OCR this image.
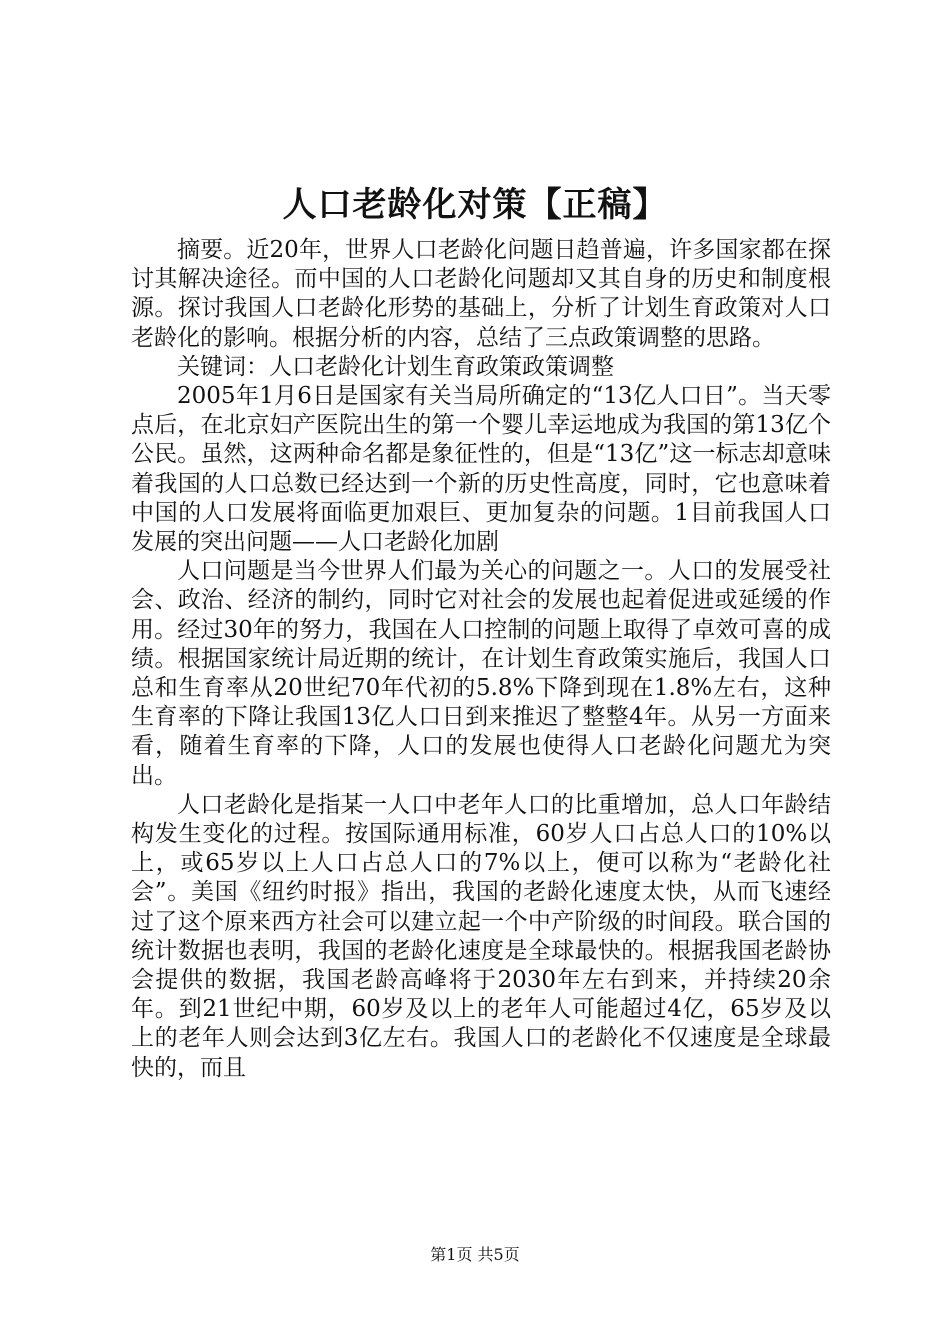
人口老龄化对策【正稿】

摘要。近20年，世界人口老龄化问题日趋普遍，许多国家都在探讨其解决途径。而中国的人口老龄化问题却又其自身的历史和制度根源。探讨我国人口老龄化形势的基础上，分析了计划生育政策对人口老龄化的影响。根据分析的内容，总结了三点政策调整的思路。

关键词：人口老龄化计划生育政策政策调整

2005年1月6日是国家有关当局所确定的“13亿人口日”。当天零点后，在北京妇产医院出生的第一个婴儿幸运地成为我国的第13亿个公民。虽然，这两种命名都是象征性的，但是“13亿”这一标志却意味着我国的人口总数已经达到一个新的历史性高度，同时，它也意味着中国的人口发展将面临更加艰巨、更加复杂的问题。1目前我国人口发展的突出问题——人口老龄化加剧

人口问题是当今世界人们最为关心的问题之一。人口的发展受社会、政治、经济的制约，同时它对社会的发展也起着促进或延缓的作用。经过30年的努力，我国在人口控制的问题上取得了卓效可喜的成绩。根据国家统计局近期的统计，在计划生育政策实施后，我国人口总和生育率从20世纪70年代初的5.8%下降到现在1.8%左右，这种生育率的下降让我国13亿人口日到来推迟了整整4年。从另一方面来看，随着生育率的下降，人口的发展也使得人口老龄化问题尤为突出。

人口老龄化是指某一人口中老年人口的比重增加，总人口年龄结构发生变化的过程。按国际通用标准，60岁人口占总人口的10%以上，或65岁以上人口占总人口的7%以上，便可以称为“老龄化社会”。美国《纽约时报》指出，我国的老龄化速度太快，从而飞速经过了这个原来西方社会可以建立起一个中产阶级的时间段。联合国的统计数据也表明，我国的老龄化速度是全球最快的。根据我国老龄协会提供的数据，我国老龄高峰将于2030年左右到来，并持续20余年。到21世纪中期，60岁及以上的老年人可能超过4亿，65岁及以上的老年人则会达到3亿左右。我国人口的老龄化不仅速度是全球最快的，而且

第1页 共5页
